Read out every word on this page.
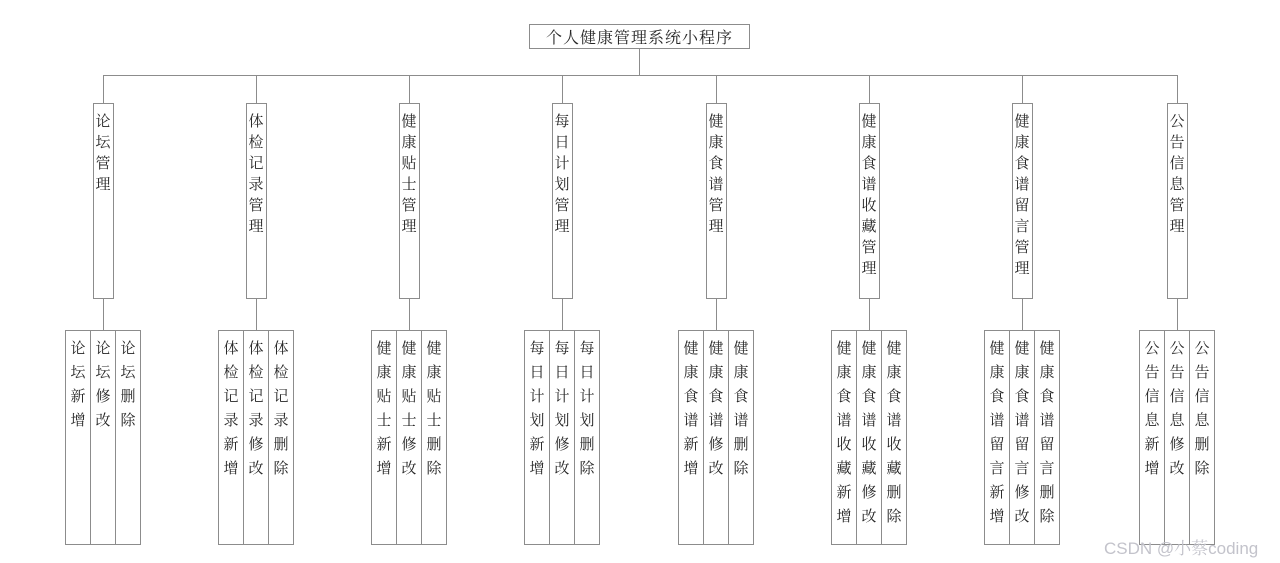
个人健康管理系统小程序
论坛管理
论坛新增
论坛修改
论坛删除
体检记录管理
体检记录新增
体检记录修改
体检记录删除
健康贴士管理
健康贴士新增
健康贴士修改
健康贴士删除
每日计划管理
每日计划新增
每日计划修改
每日计划删除
健康食谱管理
健康食谱新增
健康食谱修改
健康食谱删除
健康食谱收藏管理
健康食谱收藏新增
健康食谱收藏修改
健康食谱收藏删除
健康食谱留言管理
健康食谱留言新增
健康食谱留言修改
健康食谱留言删除
公告信息管理
公告信息新增
公告信息修改
公告信息删除
CSDN @小蔡coding
